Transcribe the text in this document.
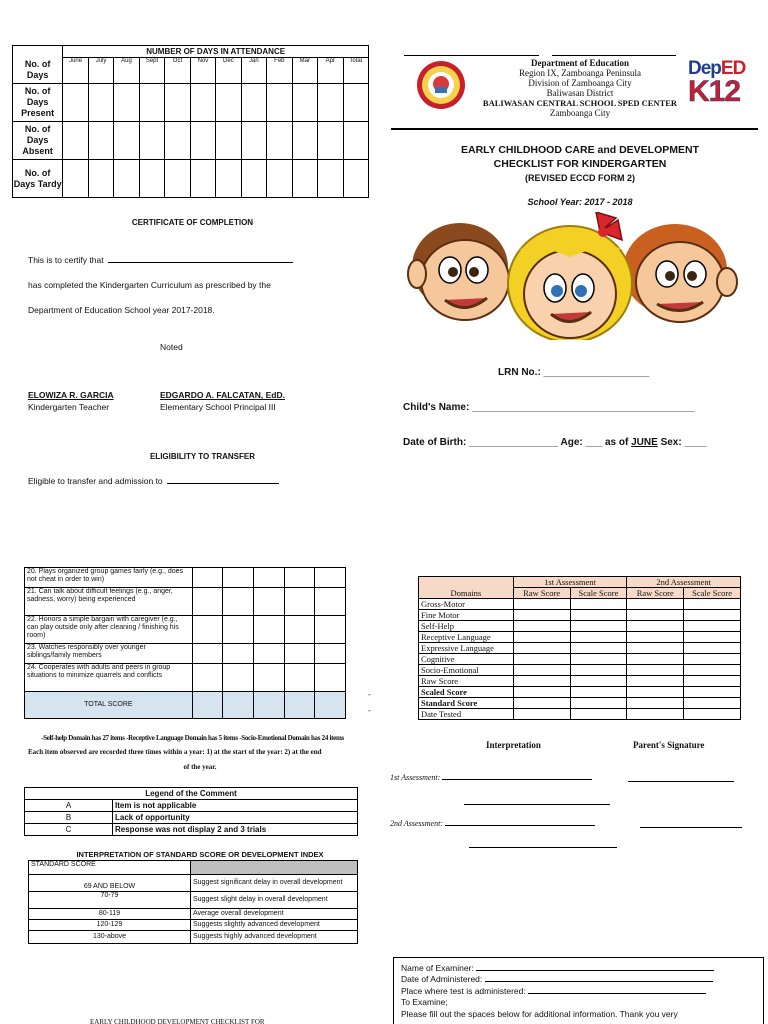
	NUMBER OF DAYS IN ATTENDANCE											
No. of Days	June	July	Aug	Sept	Oct	Nov	Dec	Jan	Feb	Mar	Apr	Total
No. of Days Present												
No. of Days Absent												
No. of Days Tardy												
CERTIFICATE OF COMPLETION
This is to certify that
has completed the Kindergarten Curriculum as prescribed by the
Department of Education School year 2017-2018.
Noted
ELOWIZA R. GARCIA
Kindergarten Teacher
EDGARDO A. FALCATAN, EdD.
Elementary School Principal III
ELIGIBILITY TO TRANSFER
Eligible to transfer and admission to
20. Plays organized group games fairly (e.g., does not cheat in order to win)					
21. Can talk about difficult feelings (e.g., anger, sadness, worry) being experienced					
22. Honors a simple bargain with caregiver (e.g., can play outside only after cleaning / finishing his room)					
23. Watches responsibly over younger siblings/family members					
24. Cooperates with adults and peers in group situations to minimize quarrels and conflicts					
TOTAL SCORE					
-
-
-Self-help Domain has 27 items -Receptive Language Domain has 5 items -Socio-Emotional Domain has 24 items
Each item observed are recorded three times within a year: 1) at the start of the year: 2) at the end
of the year.
Legend of the Comment	
A	Item is not applicable
B	Lack of opportunity
C	Response was not display 2 and 3 trials
INTERPRETATION OF STANDARD SCORE OR DEVELOPMENT INDEX
STANDARD SCORE	
69 AND BELOW	Suggest significant delay in overall development
70-79	Suggest slight delay in overall development
80-119	Average overall development
120-129	Suggests slightly advanced development
130-above	Suggests highly advanced development
EARLY CHILDHOOD DEVELOPMENT CHECKLIST FOR
DepED
K12
Department of Education
Region IX, Zamboanga Peninsula
Division of Zamboanga City
Baliwasan District
BALIWASAN CENTRAL SCHOOL SPED CENTER
Zamboanga City
EARLY CHILDHOOD CARE and DEVELOPMENT
CHECKLIST FOR KINDERGARTEN
(REVISED ECCD FORM 2)
School Year: 2017 - 2018
LRN No.: ___________________
Child's Name: ________________________________________
Date of Birth: ________________ Age: ___ as of JUNE Sex: ____
Domains	1st Assessment		2nd Assessment	
	Raw Score	Scale Score	Raw Score	Scale Score
Gross-Motor				
Fine Motor				
Self-Help				
Receptive Language				
Expressive Language				
Cognitive				
Socio-Emotional				
Raw Score				
Scaled Score				
Standard Score				
Date Tested				
Interpretation	Parent's Signature
1st Assessment:
2nd Assessment:
Name of Examiner:
Date of Administered:
Place where test is administered:
To Examine;
Please fill out the spaces below for additional information. Thank you very
